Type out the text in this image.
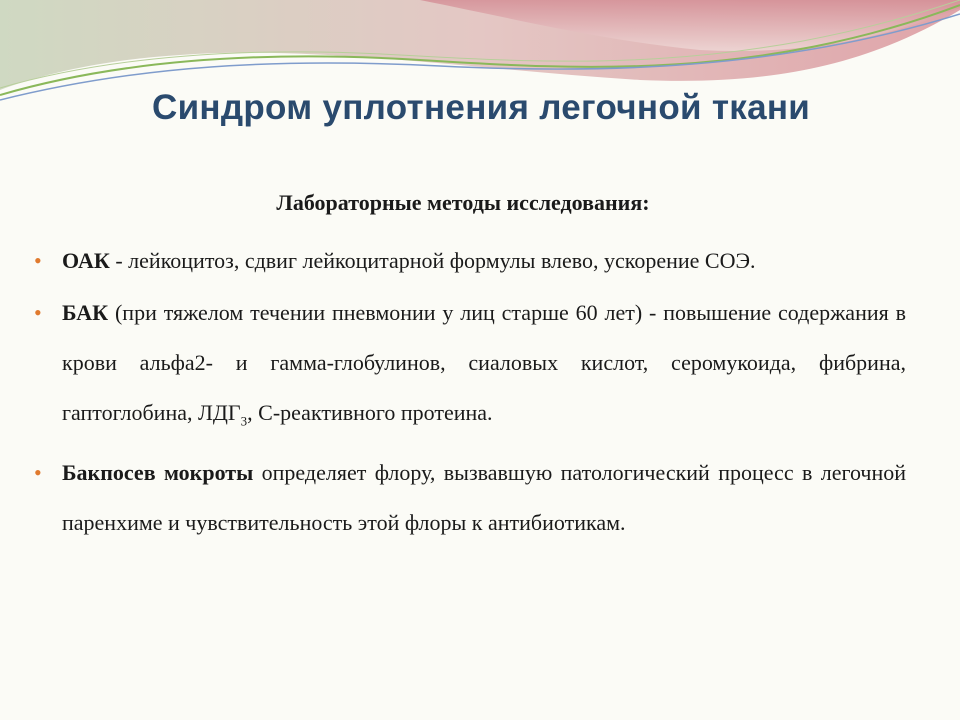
Синдром уплотнения легочной ткани
Лабораторные методы исследования:
• ОАК - лейкоцитоз, сдвиг лейкоцитарной формулы влево, ускорение СОЭ.
• БАК (при тяжелом течении пневмонии у лиц старше 60 лет) - повышение содержания в крови альфа2- и гамма-глобулинов, сиаловых кислот, серомукоида, фибрина, гаптоглобина, $ЛДГ_3$, С-реактивного протеина.
• Бакпосев мокроты определяет флору, вызвавшую патологический процесс в легочной паренхиме и чувствительность этой флоры к антибиотикам.
